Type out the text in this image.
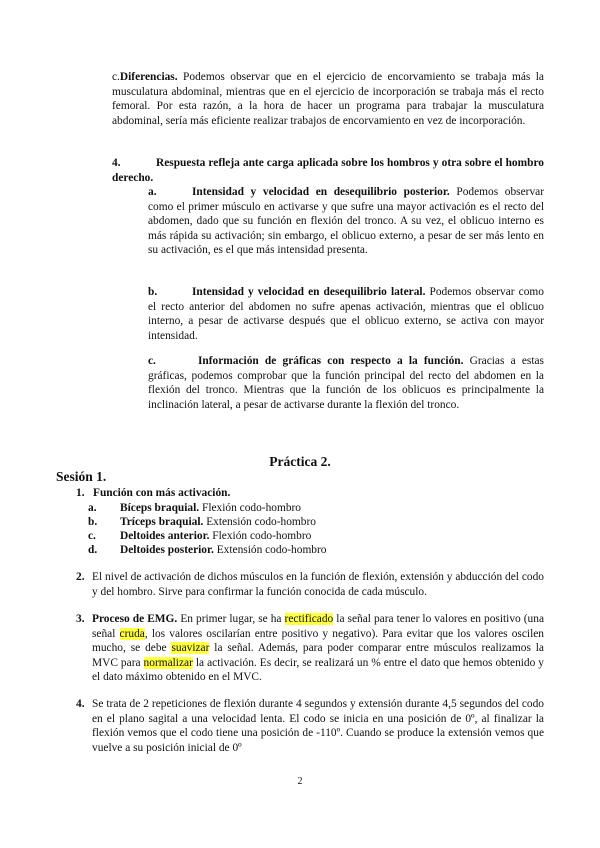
c.Diferencias. Podemos observar que en el ejercicio de encorvamiento se trabaja más la musculatura abdominal, mientras que en el ejercicio de incorporación se trabaja más el recto femoral. Por esta razón, a la hora de hacer un programa para trabajar la musculatura abdominal, sería más eficiente realizar trabajos de encorvamiento en vez de incorporación.

4.	Respuesta refleja ante carga aplicada sobre los hombros y otra sobre el hombro derecho.
a.	Intensidad y velocidad en desequilibrio posterior. Podemos observar como el primer músculo en activarse y que sufre una mayor activación es el recto del abdomen, dado que su función en flexión del tronco. A su vez, el oblicuo interno es más rápida su activación; sin embargo, el oblicuo externo, a pesar de ser más lento en su activación, es el que más intensidad presenta.
b.	Intensidad y velocidad en desequilibrio lateral. Podemos observar como el recto anterior del abdomen no sufre apenas activación, mientras que el oblicuo interno, a pesar de activarse después que el oblicuo externo, se activa con mayor intensidad.
c.	Información de gráficas con respecto a la función. Gracias a estas gráficas, podemos comprobar que la función principal del recto del abdomen en la flexión del tronco. Mientras que la función de los oblicuos es principalmente la inclinación lateral, a pesar de activarse durante la flexión del tronco.
Práctica 2.
Sesión 1.
1. Función con más activación.
a. Bíceps braquial. Flexión codo-hombro
b. Tríceps braquial. Extensión codo-hombro
c. Deltoides anterior. Flexión codo-hombro
d. Deltoides posterior. Extensión codo-hombro
2. El nivel de activación de dichos músculos en la función de flexión, extensión y abducción del codo y del hombro. Sirve para confirmar la función conocida de cada músculo.
3. Proceso de EMG. En primer lugar, se ha rectificado la señal para tener lo valores en positivo (una señal cruda, los valores oscilarían entre positivo y negativo). Para evitar que los valores oscilen mucho, se debe suavizar la señal. Además, para poder comparar entre músculos realizamos la MVC para normalizar la activación. Es decir, se realizará un % entre el dato que hemos obtenido y el dato máximo obtenido en el MVC.
4. Se trata de 2 repeticiones de flexión durante 4 segundos y extensión durante 4,5 segundos del codo en el plano sagital a una velocidad lenta. El codo se inicia en una posición de 0º, al finalizar la flexión vemos que el codo tiene una posición de -110º. Cuando se produce la extensión vemos que vuelve a su posición inicial de 0º
2
